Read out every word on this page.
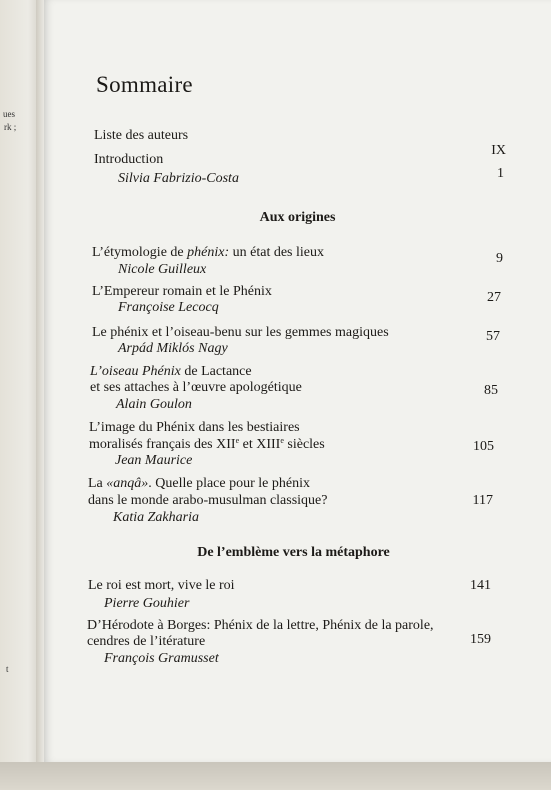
ues
rk ;
t
Sommaire
Liste des auteurs
IX
Introduction
Silvia Fabrizio-Costa	1
Aux origines
L’étymologie de phénix: un état des lieux
Nicole Guilleux
9
L’Empereur romain et le Phénix
Françoise Lecocq
27
Le phénix et l’oiseau-benu sur les gemmes magiques
Arpád Miklós Nagy
57
L’oiseau Phénix de Lactance
et ses attaches à l’œuvre apologétique
Alain Goulon
85
L’image du Phénix dans les bestiaires
moralisés français des XIIe et XIIIe siècles
Jean Maurice
105
La «anqâ». Quelle place pour le phénix
dans le monde arabo-musulman classique?
Katia Zakharia
117
De l’emblème vers la métaphore
Le roi est mort, vive le roi
Pierre Gouhier
141
D’Hérodote à Borges: Phénix de la lettre, Phénix de la parole,
cendres de l’itérature
François Gramusset
159
